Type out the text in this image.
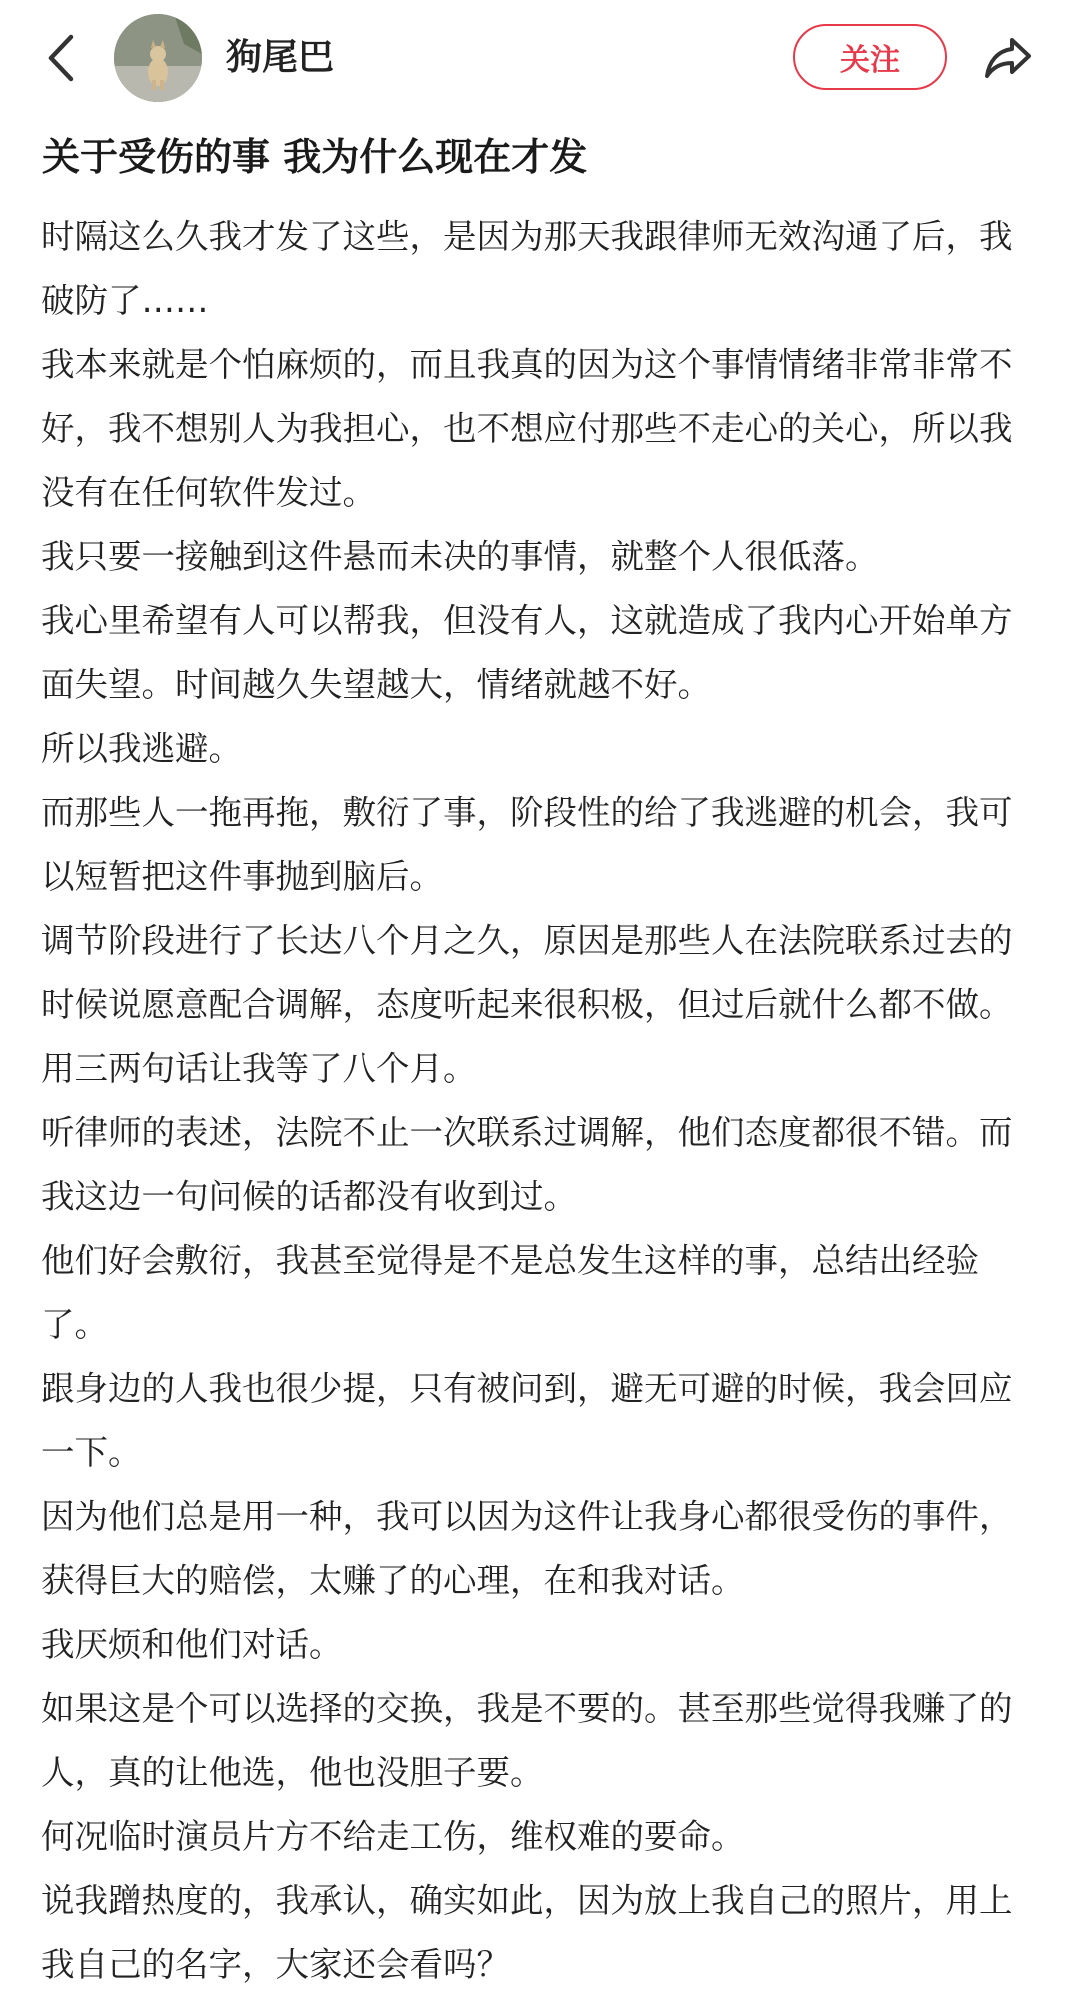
狗尾巴	关注
关于受伤的事 我为什么现在才发

时隔这么久我才发了这些，是因为那天我跟律师无效沟通了后，我破防了……

我本来就是个怕麻烦的，而且我真的因为这个事情情绪非常非常不好，我不想别人为我担心，也不想应付那些不走心的关心，所以我没有在任何软件发过。

我只要一接触到这件悬而未决的事情，就整个人很低落。

我心里希望有人可以帮我，但没有人，这就造成了我内心开始单方面失望。时间越久失望越大，情绪就越不好。

所以我逃避。

而那些人一拖再拖，敷衍了事，阶段性的给了我逃避的机会，我可以短暂把这件事抛到脑后。

调节阶段进行了长达八个月之久，原因是那些人在法院联系过去的时候说愿意配合调解，态度听起来很积极，但过后就什么都不做。用三两句话让我等了八个月。

听律师的表述，法院不止一次联系过调解，他们态度都很不错。而我这边一句问候的话都没有收到过。

他们好会敷衍，我甚至觉得是不是总发生这样的事，总结出经验了。

跟身边的人我也很少提，只有被问到，避无可避的时候，我会回应一下。

因为他们总是用一种，我可以因为这件让我身心都很受伤的事件，获得巨大的赔偿，太赚了的心理，在和我对话。

我厌烦和他们对话。

如果这是个可以选择的交换，我是不要的。甚至那些觉得我赚了的人，真的让他选，他也没胆子要。

何况临时演员片方不给走工伤，维权难的要命。

说我蹭热度的，我承认，确实如此，因为放上我自己的照片，用上我自己的名字，大家还会看吗？
